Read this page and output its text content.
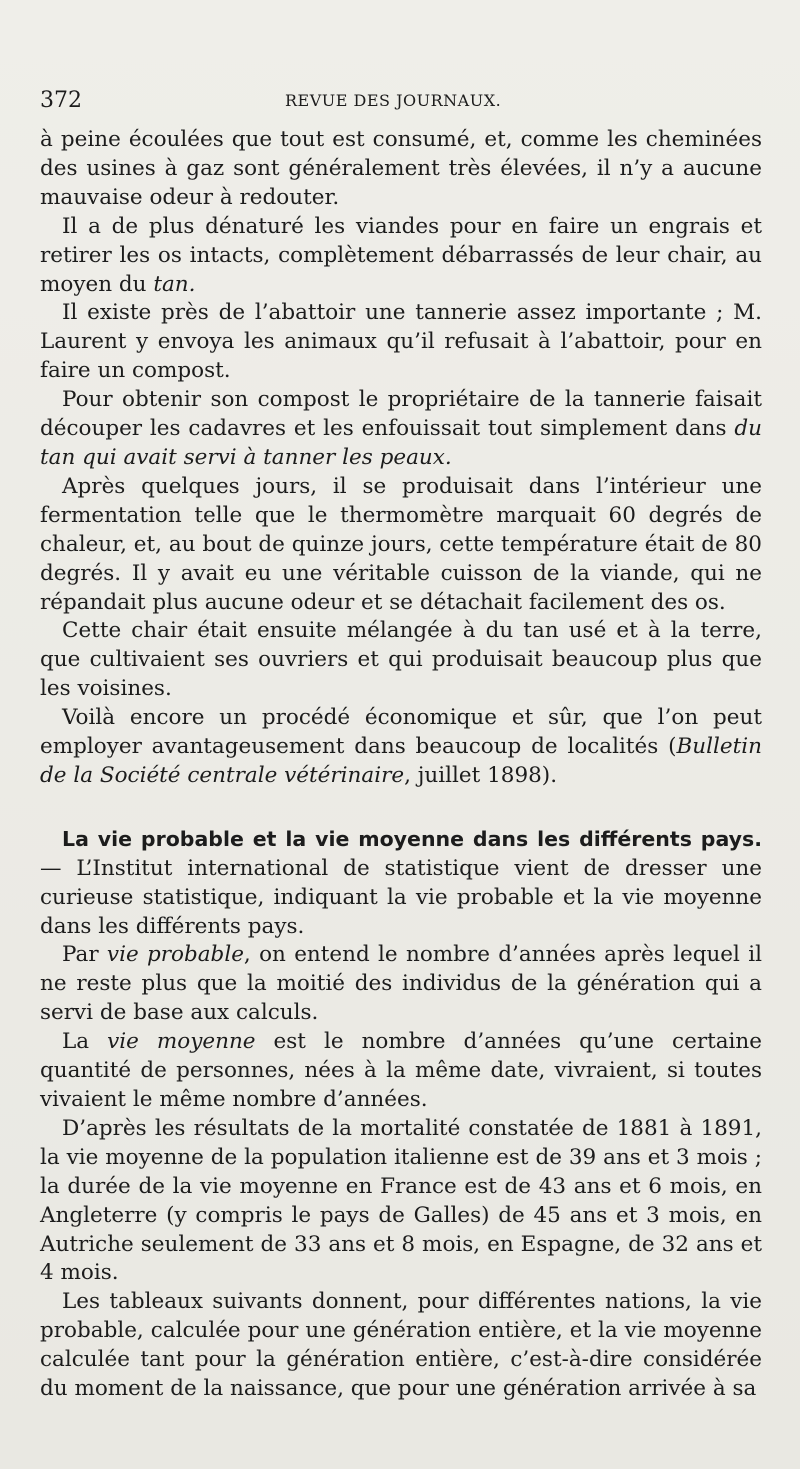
372	REVUE DES JOURNAUX.

à peine écoulées que tout est consumé, et, comme les cheminées des usines à gaz sont généralement très élevées, il n’y a aucune mauvaise odeur à redouter.

Il a de plus dénaturé les viandes pour en faire un engrais et retirer les os intacts, complètement débarrassés de leur chair, au moyen du tan.

Il existe près de l’abattoir une tannerie assez importante ; M. Laurent y envoya les animaux qu’il refusait à l’abattoir, pour en faire un compost.

Pour obtenir son compost le propriétaire de la tannerie faisait découper les cadavres et les enfouissait tout simplement dans du tan qui avait servi à tanner les peaux.

Après quelques jours, il se produisait dans l’intérieur une fermentation telle que le thermomètre marquait 60 degrés de chaleur, et, au bout de quinze jours, cette température était de 80 degrés. Il y avait eu une véritable cuisson de la viande, qui ne répandait plus aucune odeur et se détachait facilement des os.

Cette chair était ensuite mélangée à du tan usé et à la terre, que cultivaient ses ouvriers et qui produisait beaucoup plus que les voisines.

Voilà encore un procédé économique et sûr, que l’on peut employer avantageusement dans beaucoup de localités (Bulletin de la Société centrale vétérinaire, juillet 1898).

La vie probable et la vie moyenne dans les différents pays. — L’Institut international de statistique vient de dresser une curieuse statistique, indiquant la vie probable et la vie moyenne dans les différents pays.

Par vie probable, on entend le nombre d’années après lequel il ne reste plus que la moitié des individus de la génération qui a servi de base aux calculs.

La vie moyenne est le nombre d’années qu’une certaine quantité de personnes, nées à la même date, vivraient, si toutes vivaient le même nombre d’années.

D’après les résultats de la mortalité constatée de 1881 à 1891, la vie moyenne de la population italienne est de 39 ans et 3 mois ; la durée de la vie moyenne en France est de 43 ans et 6 mois, en Angleterre (y compris le pays de Galles) de 45 ans et 3 mois, en Autriche seulement de 33 ans et 8 mois, en Espagne, de 32 ans et 4 mois.

Les tableaux suivants donnent, pour différentes nations, la vie probable, calculée pour une génération entière, et la vie moyenne calculée tant pour la génération entière, c’est-à-dire considérée du moment de la naissance, que pour une génération arrivée à sa
